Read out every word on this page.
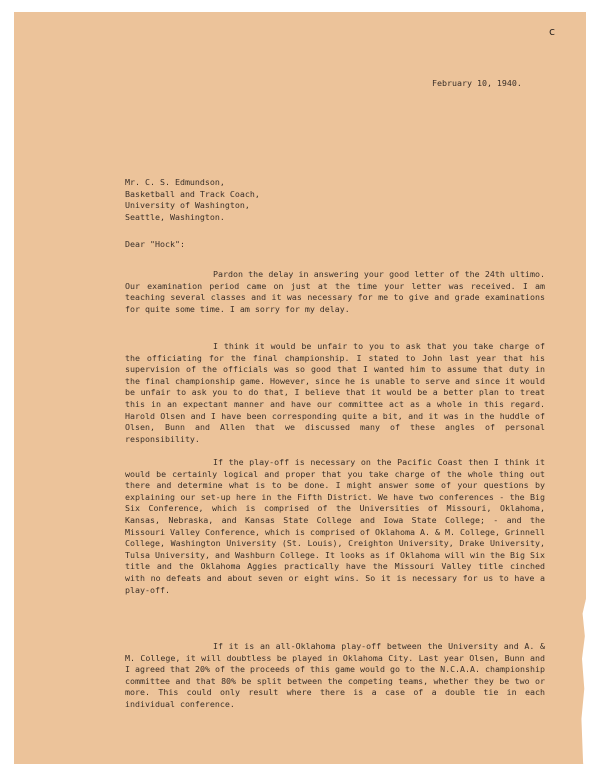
c
February 10, 1940.
Mr. C. S. Edmundson,
Basketball and Track Coach,
University of Washington,
Seattle, Washington.
Dear "Hock":
Pardon the delay in answering your good letter of the 24th ultimo. Our examination period came on just at the time your letter was received. I am teaching several classes and it was necessary for me to give and grade examinations for quite some time. I am sorry for my delay.
I think it would be unfair to you to ask that you take charge of the officiating for the final championship. I stated to John last year that his supervision of the officials was so good that I wanted him to assume that duty in the final championship game. However, since he is unable to serve and since it would be unfair to ask you to do that, I believe that it would be a better plan to treat this in an expectant manner and have our committee act as a whole in this regard. Harold Olsen and I have been corresponding quite a bit, and it was in the huddle of Olsen, Bunn and Allen that we discussed many of these angles of personal responsibility.
If the play-off is necessary on the Pacific Coast then I think it would be certainly logical and proper that you take charge of the whole thing out there and determine what is to be done. I might answer some of your questions by explaining our set-up here in the Fifth District. We have two conferences - the Big Six Conference, which is comprised of the Universities of Missouri, Oklahoma, Kansas, Nebraska, and Kansas State College and Iowa State College; - and the Missouri Valley Conference, which is comprised of Oklahoma A. & M. College, Grinnell College, Washington University (St. Louis), Creighton University, Drake University, Tulsa University, and Washburn College. It looks as if Oklahoma will win the Big Six title and the Oklahoma Aggies practically have the Missouri Valley title cinched with no defeats and about seven or eight wins. So it is necessary for us to have a play-off.
If it is an all-Oklahoma play-off between the University and A. & M. College, it will doubtless be played in Oklahoma City. Last year Olsen, Bunn and I agreed that 20% of the proceeds of this game would go to the N.C.A.A. championship committee and that 80% be split between the competing teams, whether they be two or more. This could only result where there is a case of a double tie in each individual conference.
